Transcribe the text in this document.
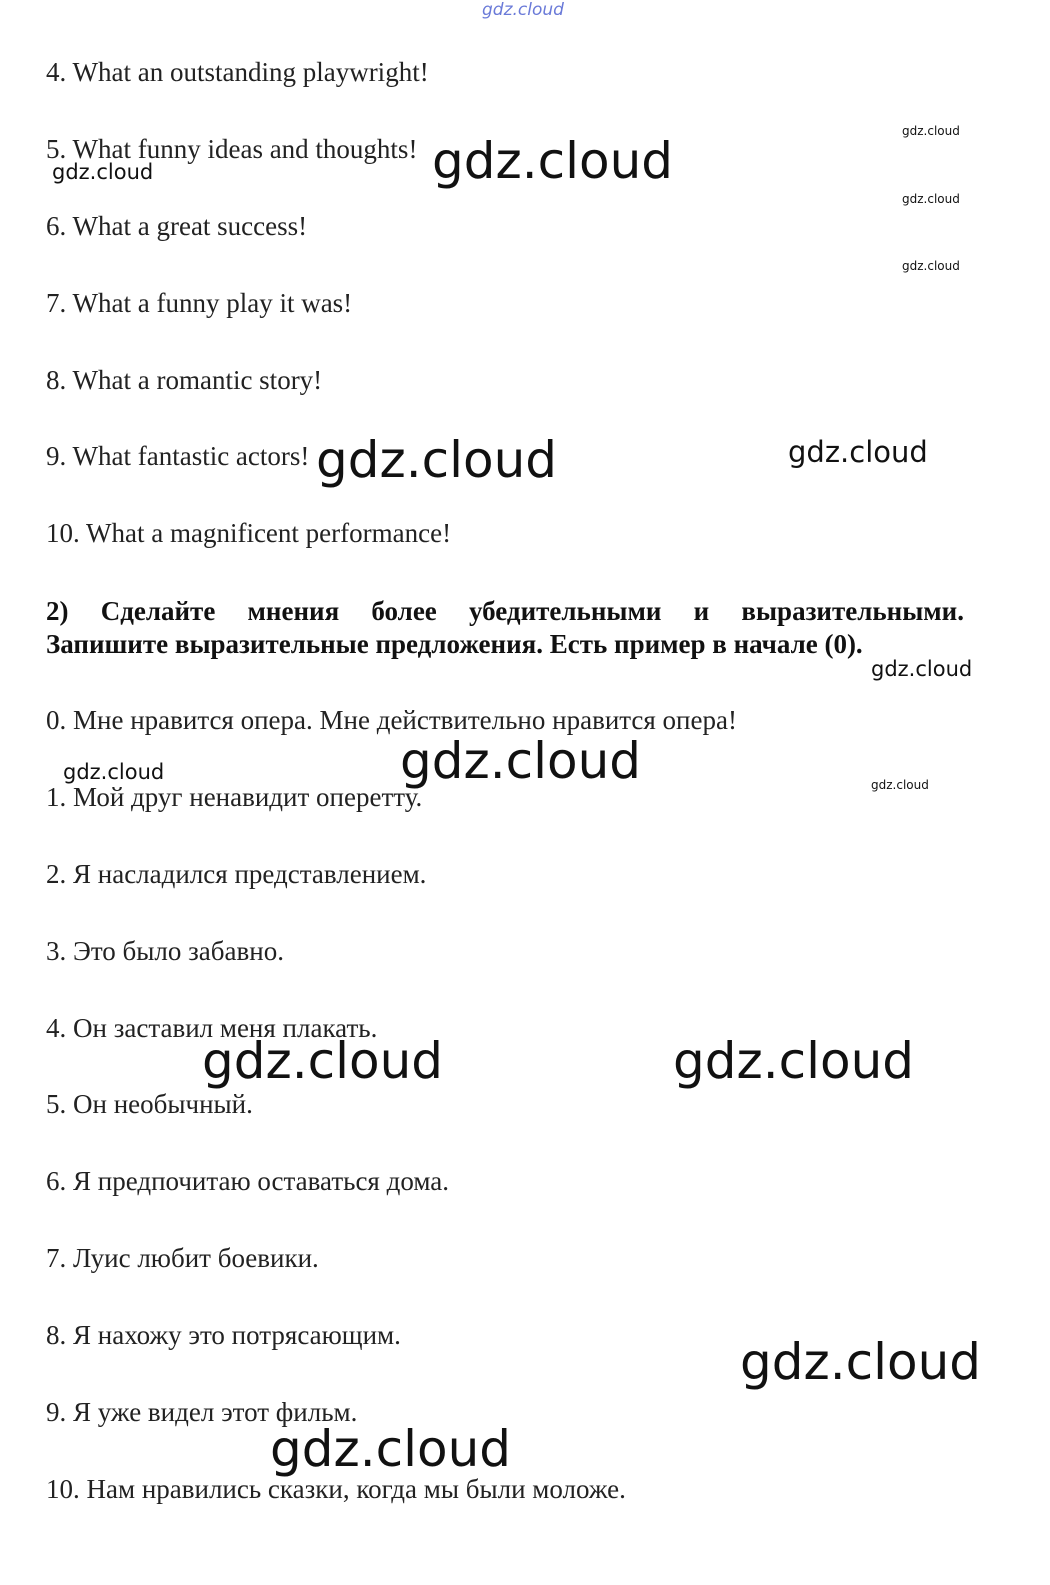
4. What an outstanding playwright!
5. What funny ideas and thoughts!
6. What a great success!
7. What a funny play it was!
8. What a romantic story!
9. What fantastic actors!
10. What a magnificent performance!
2) Сделайте мнения более убедительными и выразительными.
Запишите выразительные предложения. Есть пример в начале (0).
0. Мне нравится опера. Мне действительно нравится опера!
1. Мой друг ненавидит оперетту.
2. Я насладился представлением.
3. Это было забавно.
4. Он заставил меня плакать.
5. Он необычный.
6. Я предпочитаю оставаться дома.
7. Луис любит боевики.
8. Я нахожу это потрясающим.
9. Я уже видел этот фильм.
10. Нам нравились сказки, когда мы были моложе.
gdz.cloud
gdz.cloud
gdz.cloud
gdz.cloud
gdz.cloud
gdz.cloud
gdz.cloud	gdz.cloud
gdz.cloud
gdz.cloud
gdz.cloud
gdz.cloud
gdz.cloud	gdz.cloud
gdz.cloud
gdz.cloud
